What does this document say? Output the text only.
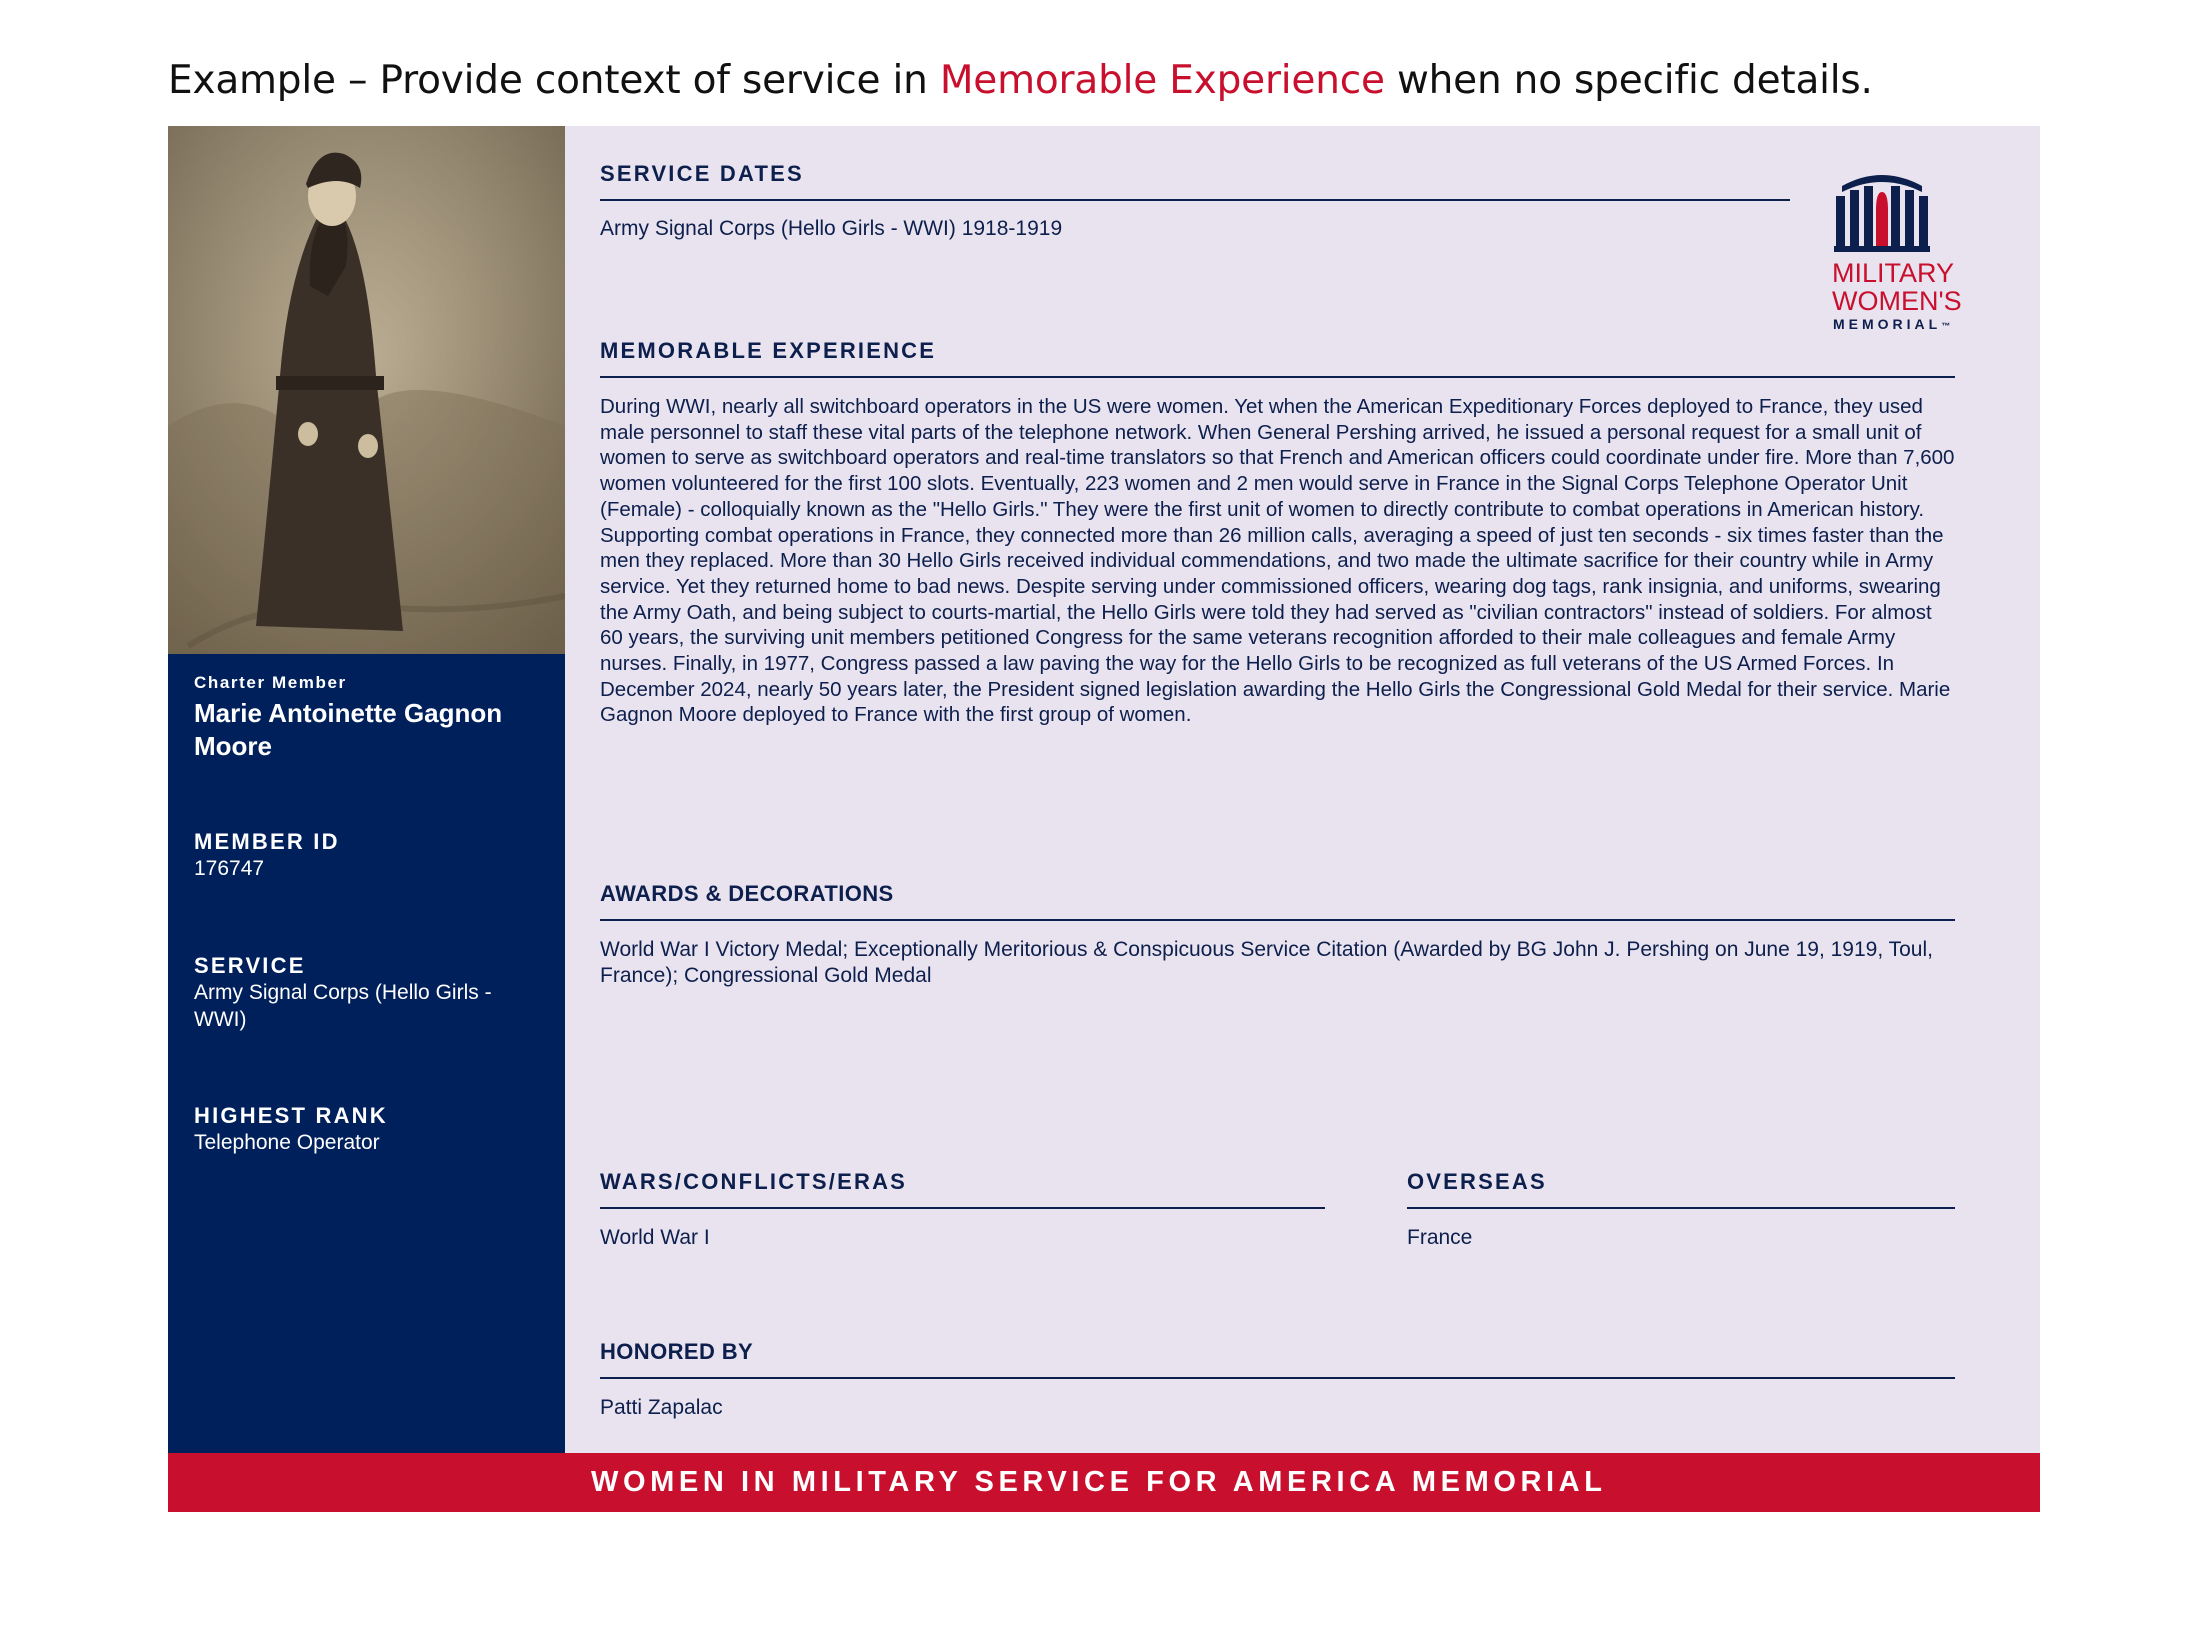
Example – Provide context of service in Memorable Experience when no specific details.
Charter Member
Marie Antoinette Gagnon Moore
MEMBER ID
176747
SERVICE
Army Signal Corps (Hello Girls - WWI)
HIGHEST RANK
Telephone Operator
SERVICE DATES
Army Signal Corps (Hello Girls - WWI) 1918-1919
MILITARY
WOMEN'S
MEMORIAL™
MEMORABLE EXPERIENCE
During WWI, nearly all switchboard operators in the US were women. Yet when the American Expeditionary Forces deployed to France, they used male personnel to staff these vital parts of the telephone network. When General Pershing arrived, he issued a personal request for a small unit of women to serve as switchboard operators and real-time translators so that French and American officers could coordinate under fire. More than 7,600 women volunteered for the first 100 slots. Eventually, 223 women and 2 men would serve in France in the Signal Corps Telephone Operator Unit (Female) - colloquially known as the "Hello Girls." They were the first unit of women to directly contribute to combat operations in American history. Supporting combat operations in France, they connected more than 26 million calls, averaging a speed of just ten seconds - six times faster than the men they replaced. More than 30 Hello Girls received individual commendations, and two made the ultimate sacrifice for their country while in Army service. Yet they returned home to bad news. Despite serving under commissioned officers, wearing dog tags, rank insignia, and uniforms, swearing the Army Oath, and being subject to courts-martial, the Hello Girls were told they had served as "civilian contractors" instead of soldiers. For almost 60 years, the surviving unit members petitioned Congress for the same veterans recognition afforded to their male colleagues and female Army nurses. Finally, in 1977, Congress passed a law paving the way for the Hello Girls to be recognized as full veterans of the US Armed Forces. In December 2024, nearly 50 years later, the President signed legislation awarding the Hello Girls the Congressional Gold Medal for their service. Marie Gagnon Moore deployed to France with the first group of women.
AWARDS & DECORATIONS
World War I Victory Medal; Exceptionally Meritorious & Conspicuous Service Citation (Awarded by BG John J. Pershing on June 19, 1919, Toul, France); Congressional Gold Medal
WARS/CONFLICTS/ERAS
World War I
OVERSEAS
France
HONORED BY
Patti Zapalac
WOMEN IN MILITARY SERVICE FOR AMERICA MEMORIAL
